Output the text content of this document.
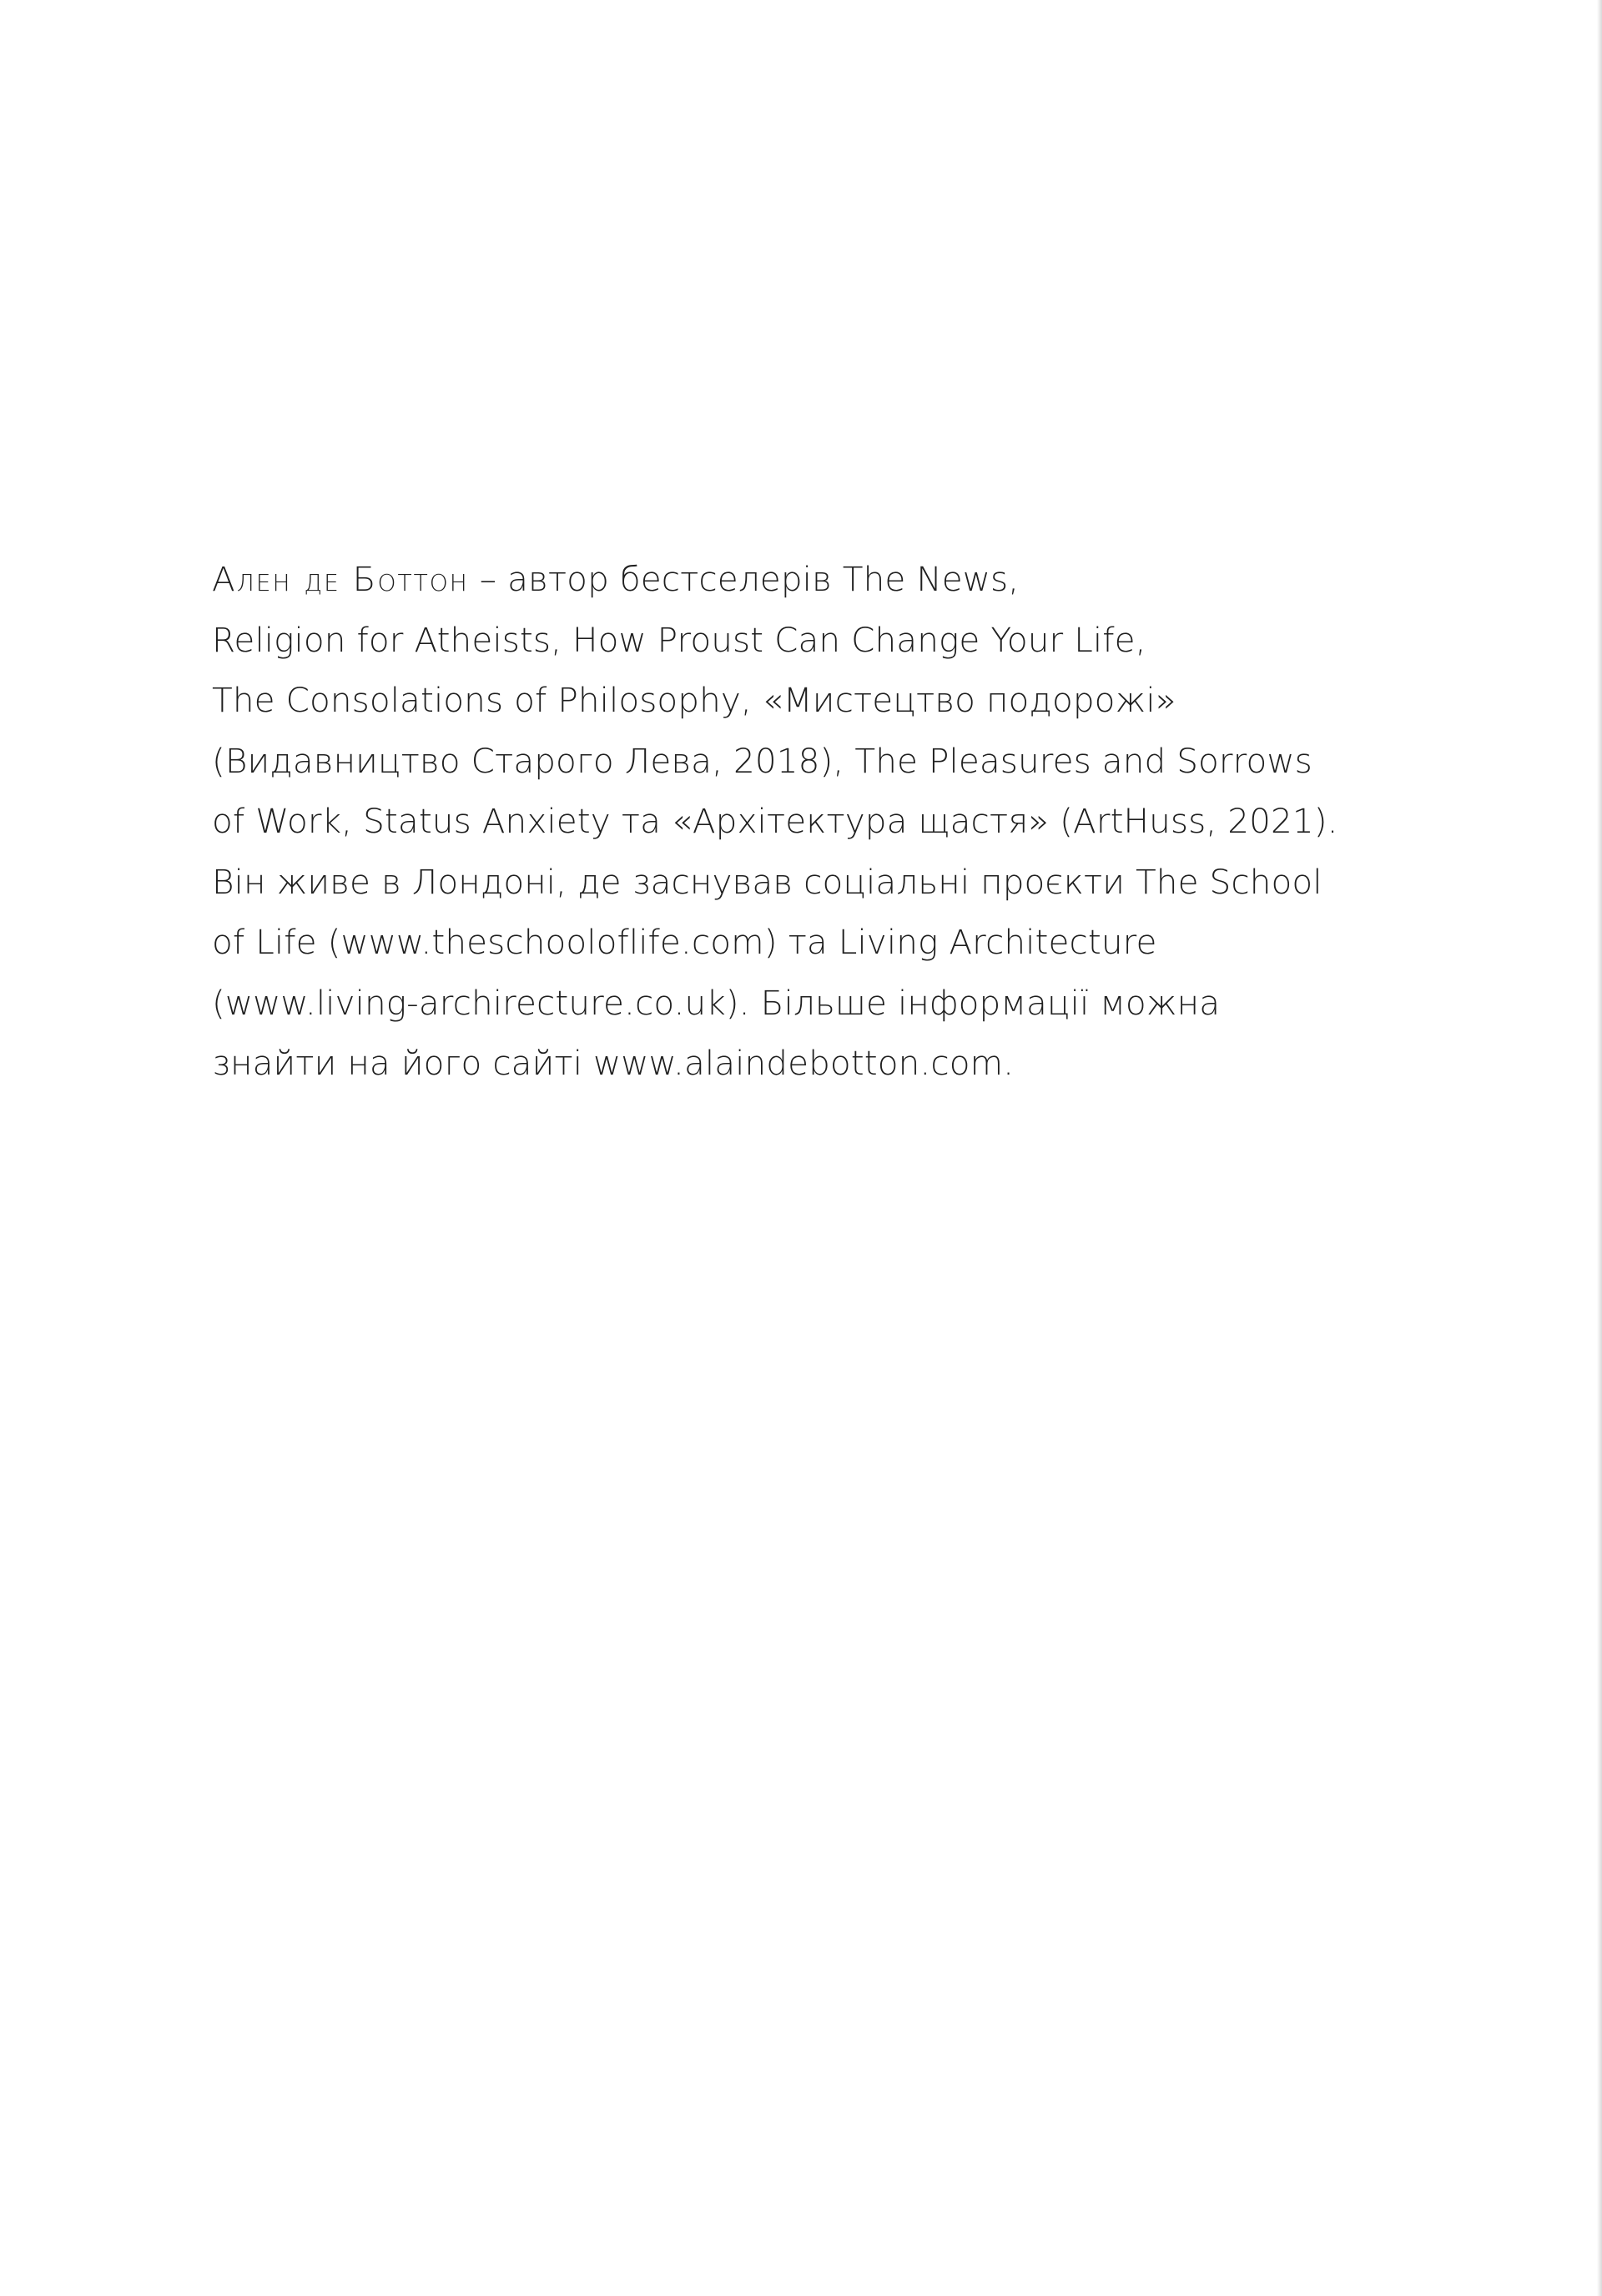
Ален де Боттон – автор бестселерів The News,
Religion for Atheists, How Proust Can Change Your Life,
The Consolations of Philosophy, «Мистецтво подорожі»
(Видавництво Старого Лева, 2018), The Pleasures and Sorrows
of Work, Status Anxiety та «Архітектура щастя» (ArtHuss, 2021).
Він живе в Лондоні, де заснував соціальні проєкти The School
of Life (www.theschooloflife.com) та Living Architecture
(www.living-archirecture.co.uk). Більше інформації можна
знайти на його сайті www.alaindebotton.com.
